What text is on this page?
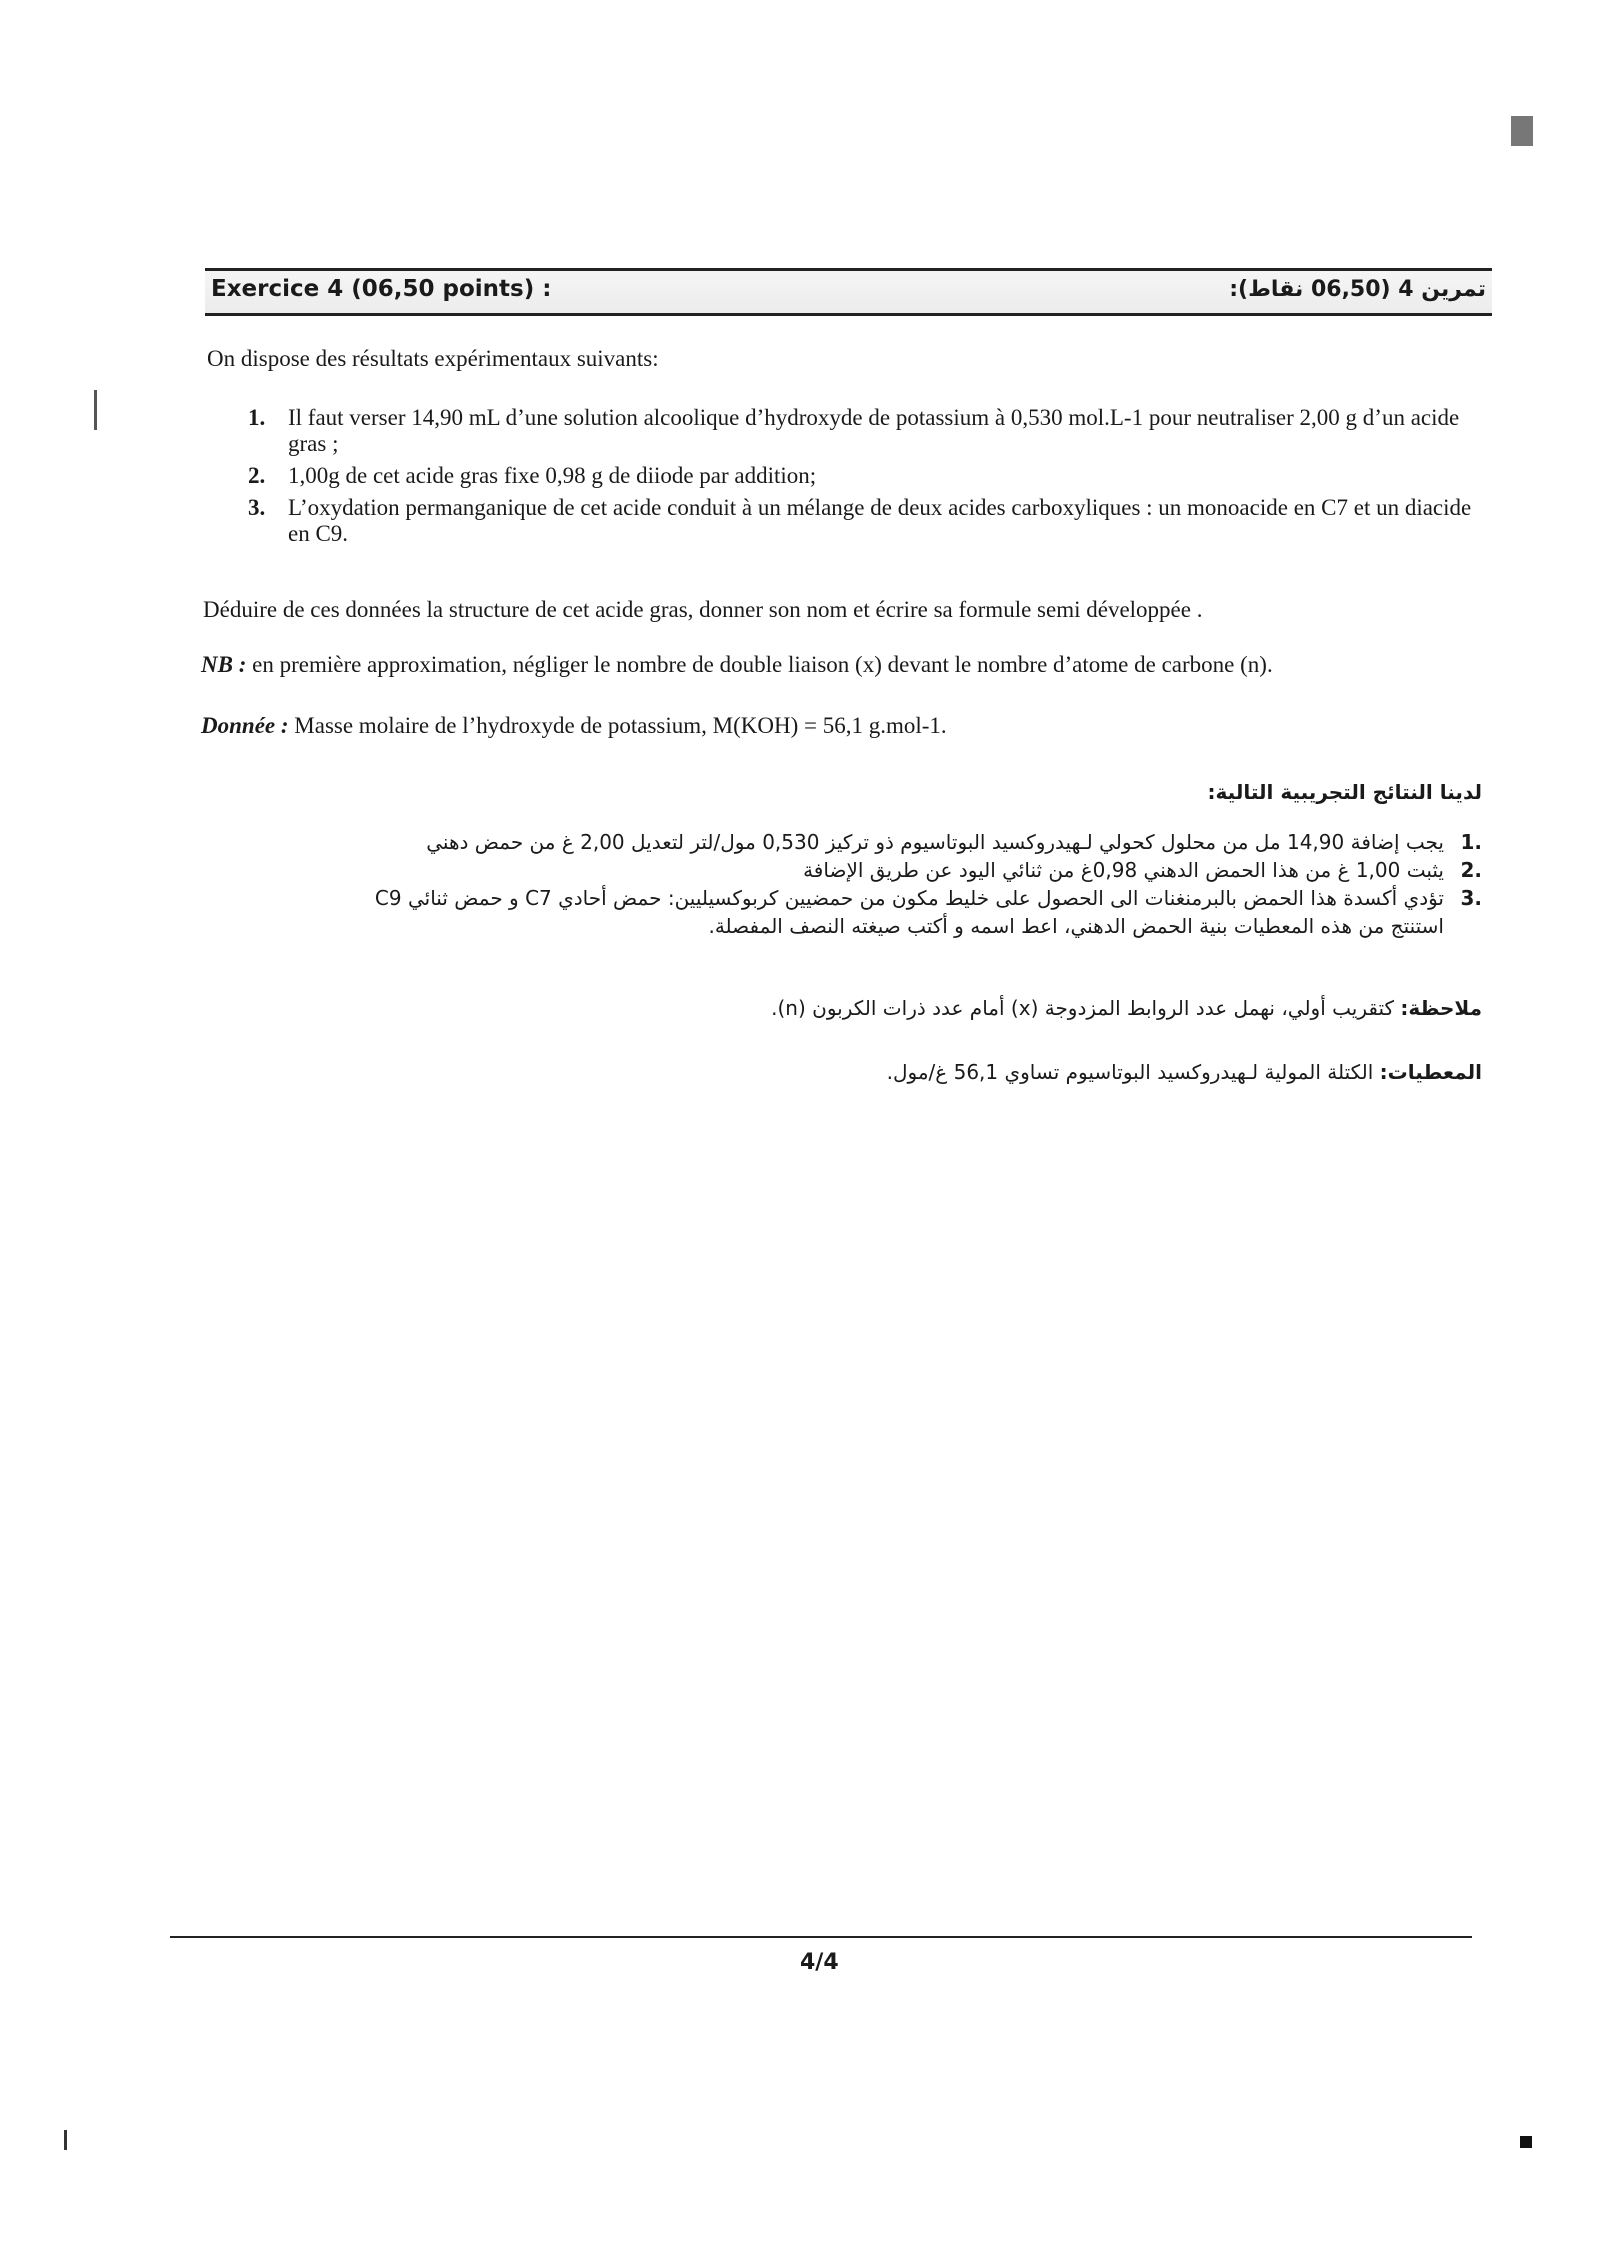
Exercice 4 (06,50 points) :	تمرين 4 (06,50 نقاط):
On dispose des résultats expérimentaux suivants:
1. Il faut verser 14,90 mL d’une solution alcoolique d’hydroxyde de potassium à 0,530 mol.L-1 pour neutraliser 2,00 g d’un acide gras ;
2. 1,00g de cet acide gras fixe 0,98 g de diiode par addition;
3. L’oxydation permanganique de cet acide conduit à un mélange de deux acides carboxyliques : un monoacide en C7 et un diacide en C9.
Déduire de ces données la structure de cet acide gras, donner son nom et écrire sa formule semi développée .
NB : en première approximation, négliger le nombre de double liaison (x) devant le nombre d’atome de carbone (n).
Donnée : Masse molaire de l’hydroxyde de potassium, M(KOH) = 56,1 g.mol-1.
لدينا النتائج التجريبية التالية:
.1
يجب إضافة 14,90 مل من محلول كحولي لـهيدروكسيد البوتاسيوم ذو تركيز 0,530 مول/لتر لتعديل 2,00 غ من حمض دهني
.2
يثبت 1,00 غ من هذا الحمض الدهني 0,98غ من ثنائي اليود عن طريق الإضافة
.3
تؤدي أكسدة هذا الحمض بالبرمنغنات الى الحصول على خليط مكون من حمضيين كربوكسيليين: حمض أحادي C7 و حمض ثنائي C9
استنتج من هذه المعطيات بنية الحمض الدهني، اعط اسمه و أكتب صيغته النصف المفصلة.
ملاحظة: كتقريب أولي، نهمل عدد الروابط المزدوجة (x) أمام عدد ذرات الكربون (n).
المعطيات: الكتلة المولية لـهيدروكسيد البوتاسيوم تساوي 56,1 غ/مول.
4/4
